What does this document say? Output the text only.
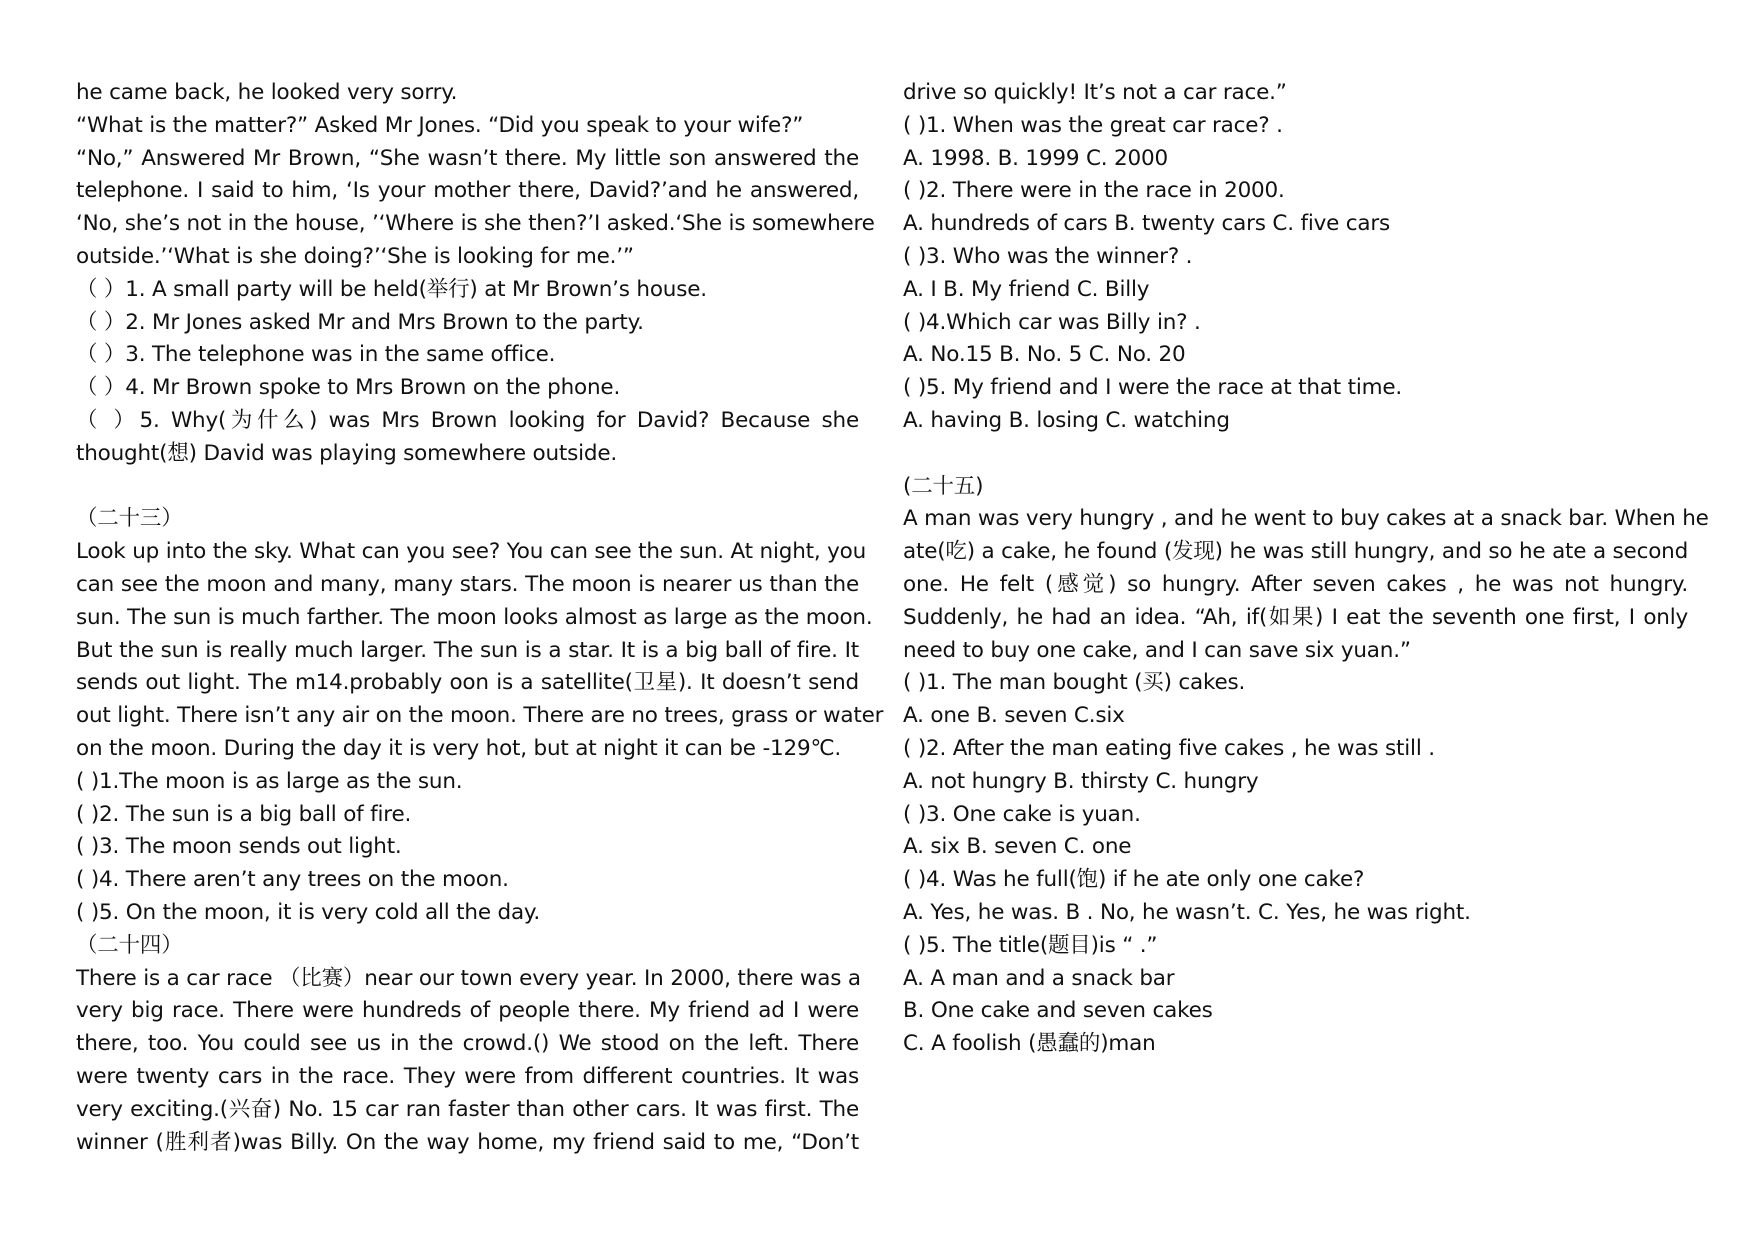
he came back, he looked very sorry.
“What is the matter?” Asked Mr Jones. “Did you speak to your wife?”
“No,” Answered Mr Brown, “She wasn’t there. My little son answered the
telephone. I said to him, ‘Is your mother there, David?’and he answered,
‘No, she’s not in the house, ’‘Where is she then?’I asked.‘She is somewhere
outside.’‘What is she doing?’‘She is looking for me.’”
（ ）1. A small party will be held(举行) at Mr Brown’s house.
（ ）2. Mr Jones asked Mr and Mrs Brown to the party.
（ ）3. The telephone was in the same office.
（ ）4. Mr Brown spoke to Mrs Brown on the phone.
（ ）5. Why(为什么) was Mrs Brown looking for David? Because she
thought(想) David was playing somewhere outside.
（二十三）
Look up into the sky. What can you see? You can see the sun. At night, you
can see the moon and many, many stars. The moon is nearer us than the
sun. The sun is much farther. The moon looks almost as large as the moon.
But the sun is really much larger. The sun is a star. It is a big ball of fire. It
sends out light. The m14.probably oon is a satellite(卫星). It doesn’t send
out light. There isn’t any air on the moon. There are no trees, grass or water
on the moon. During the day it is very hot, but at night it can be -129℃.
( )1.The moon is as large as the sun.
( )2. The sun is a big ball of fire.
( )3. The moon sends out light.
( )4. There aren’t any trees on the moon.
( )5. On the moon, it is very cold all the day.
（二十四）
There is a car race （比赛）near our town every year. In 2000, there was a
very big race. There were hundreds of people there. My friend ad I were
there, too. You could see us in the crowd.() We stood on the left. There
were twenty cars in the race. They were from different countries. It was
very exciting.(兴奋) No. 15 car ran faster than other cars. It was first. The
winner (胜利者)was Billy. On the way home, my friend said to me, “Don’t
drive so quickly! It’s not a car race.”
( )1. When was the great car race? .
A. 1998. B. 1999 C. 2000
( )2. There were in the race in 2000.
A. hundreds of cars B. twenty cars C. five cars
( )3. Who was the winner? .
A. I B. My friend C. Billy
( )4.Which car was Billy in? .
A. No.15 B. No. 5 C. No. 20
( )5. My friend and I were the race at that time.
A. having B. losing C. watching
(二十五)
A man was very hungry , and he went to buy cakes at a snack bar. When he
ate(吃) a cake, he found (发现) he was still hungry, and so he ate a second
one. He felt (感觉) so hungry. After seven cakes , he was not hungry.
Suddenly, he had an idea. “Ah, if(如果) I eat the seventh one first, I only
need to buy one cake, and I can save six yuan.”
( )1. The man bought (买) cakes.
A. one B. seven C.six
( )2. After the man eating five cakes , he was still .
A. not hungry B. thirsty C. hungry
( )3. One cake is yuan.
A. six B. seven C. one
( )4. Was he full(饱) if he ate only one cake?
A. Yes, he was. B . No, he wasn’t. C. Yes, he was right.
( )5. The title(题目)is “ .”
A. A man and a snack bar
B. One cake and seven cakes
C. A foolish (愚蠢的)man
